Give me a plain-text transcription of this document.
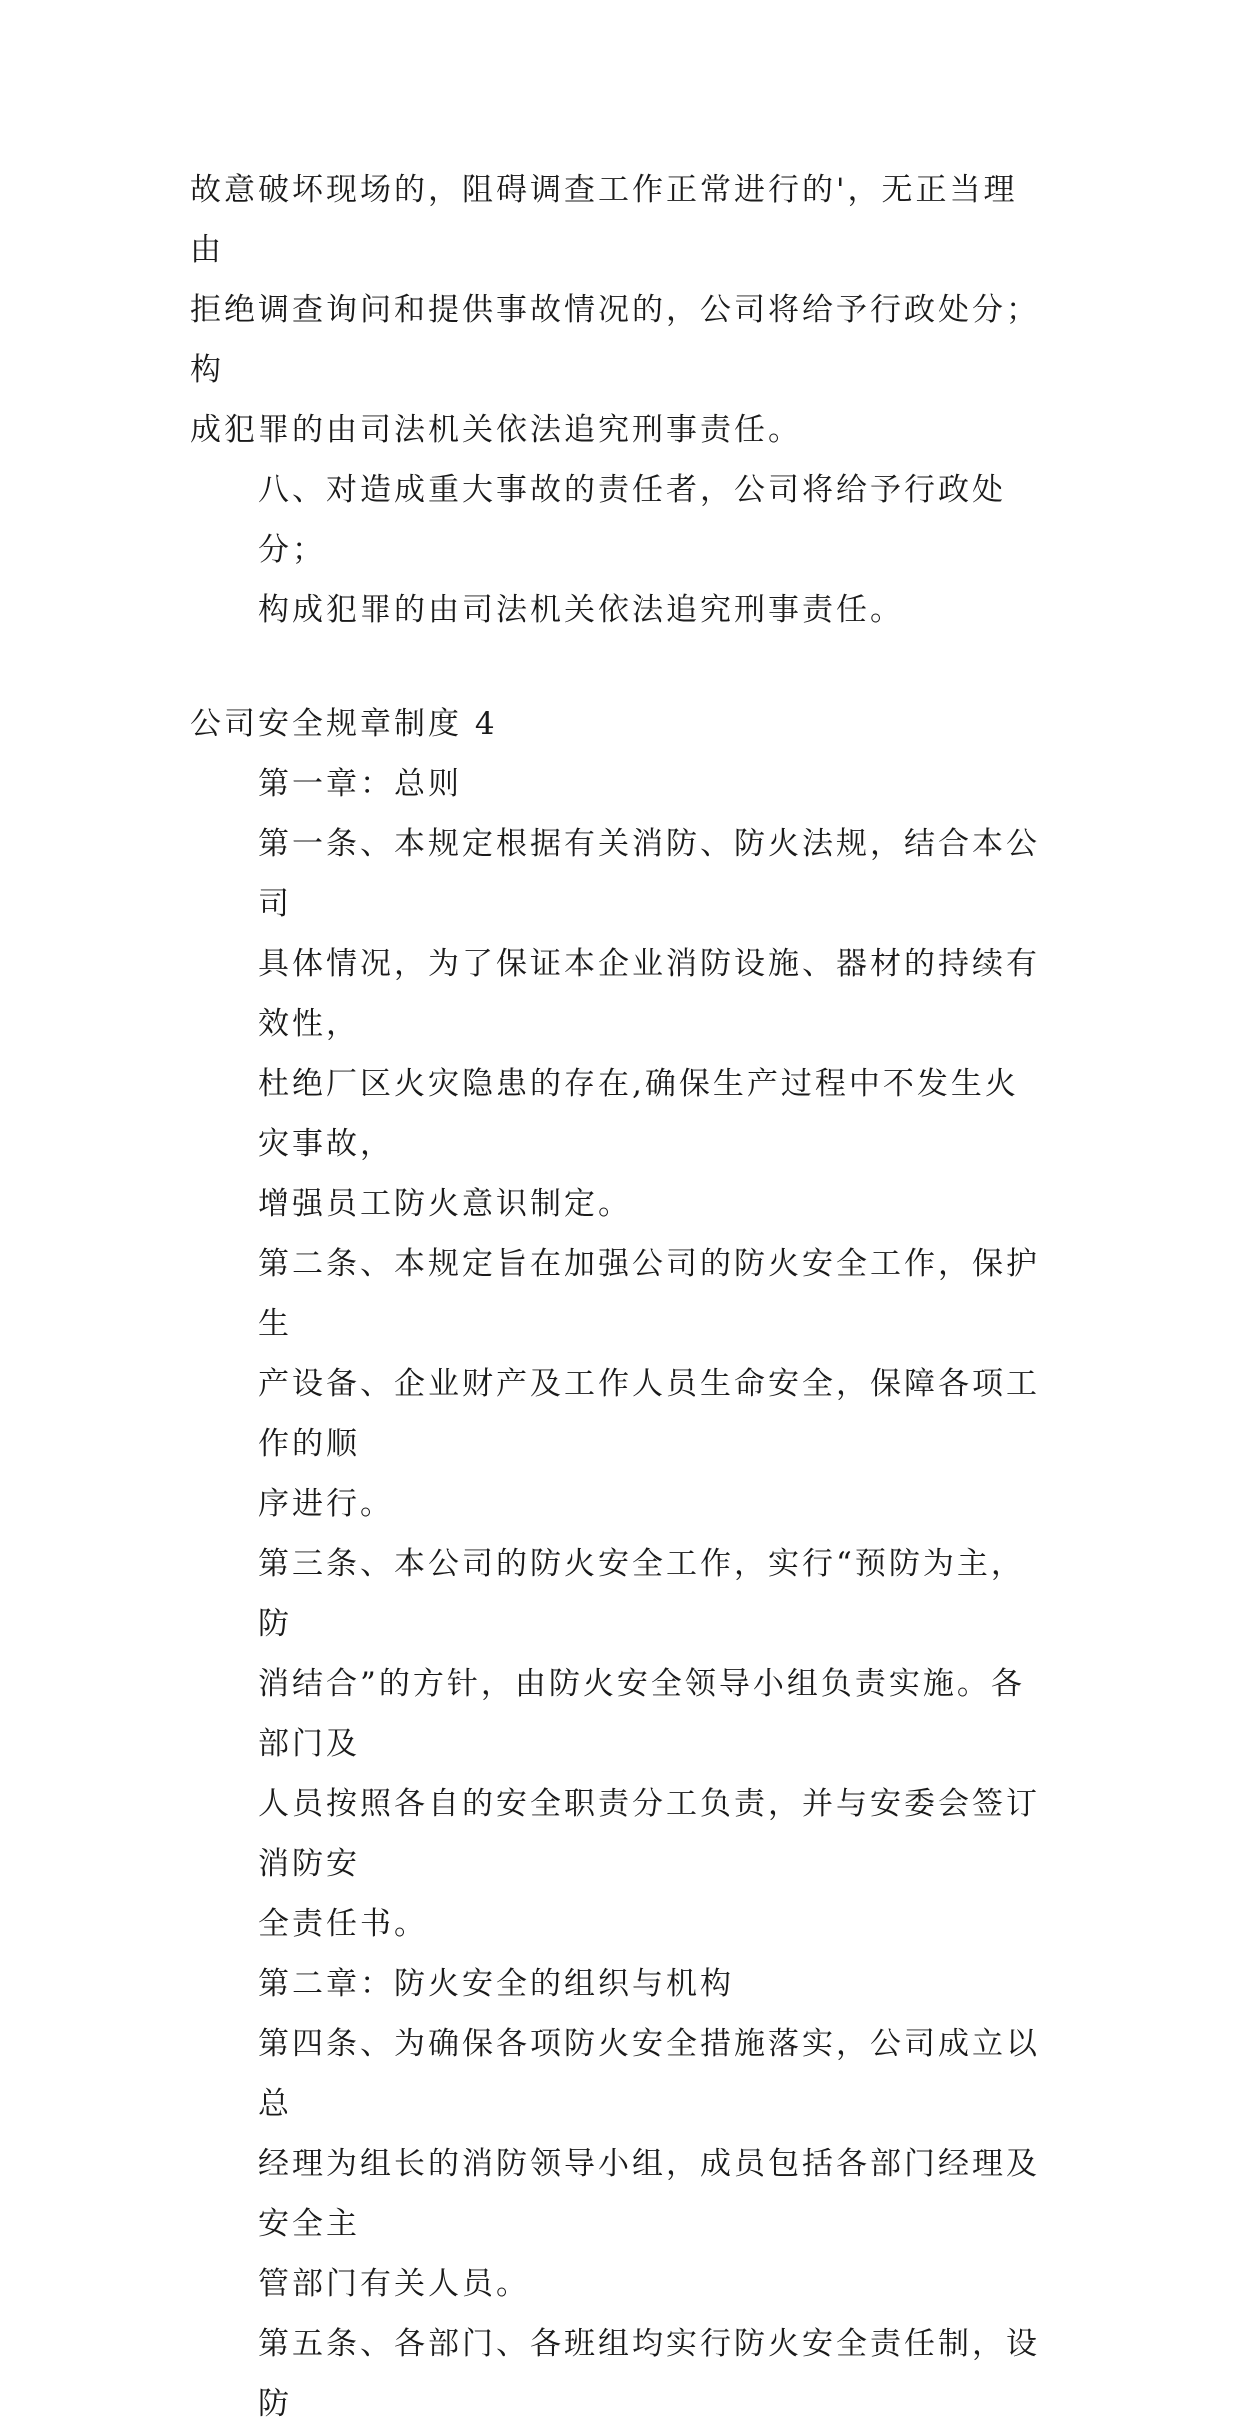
故意破坏现场的，阻碍调查工作正常进行的'，无正当理由
拒绝调查询问和提供事故情况的，公司将给予行政处分；构
成犯罪的由司法机关依法追究刑事责任。

八、对造成重大事故的责任者，公司将给予行政处分；
构成犯罪的由司法机关依法追究刑事责任。

公司安全规章制度 4

第一章：总则

第一条、本规定根据有关消防、防火法规，结合本公司
具体情况，为了保证本企业消防设施、器材的持续有效性，
杜绝厂区火灾隐患的存在,确保生产过程中不发生火灾事故，
增强员工防火意识制定。

第二条、本规定旨在加强公司的防火安全工作，保护生
产设备、企业财产及工作人员生命安全，保障各项工作的顺
序进行。

第三条、本公司的防火安全工作，实行“预防为主，防
消结合”的方针，由防火安全领导小组负责实施。各部门及
人员按照各自的安全职责分工负责，并与安委会签订消防安
全责任书。

第二章：防火安全的组织与机构

第四条、为确保各项防火安全措施落实，公司成立以总
经理为组长的消防领导小组，成员包括各部门经理及安全主
管部门有关人员。

第五条、各部门、各班组均实行防火安全责任制，设防
